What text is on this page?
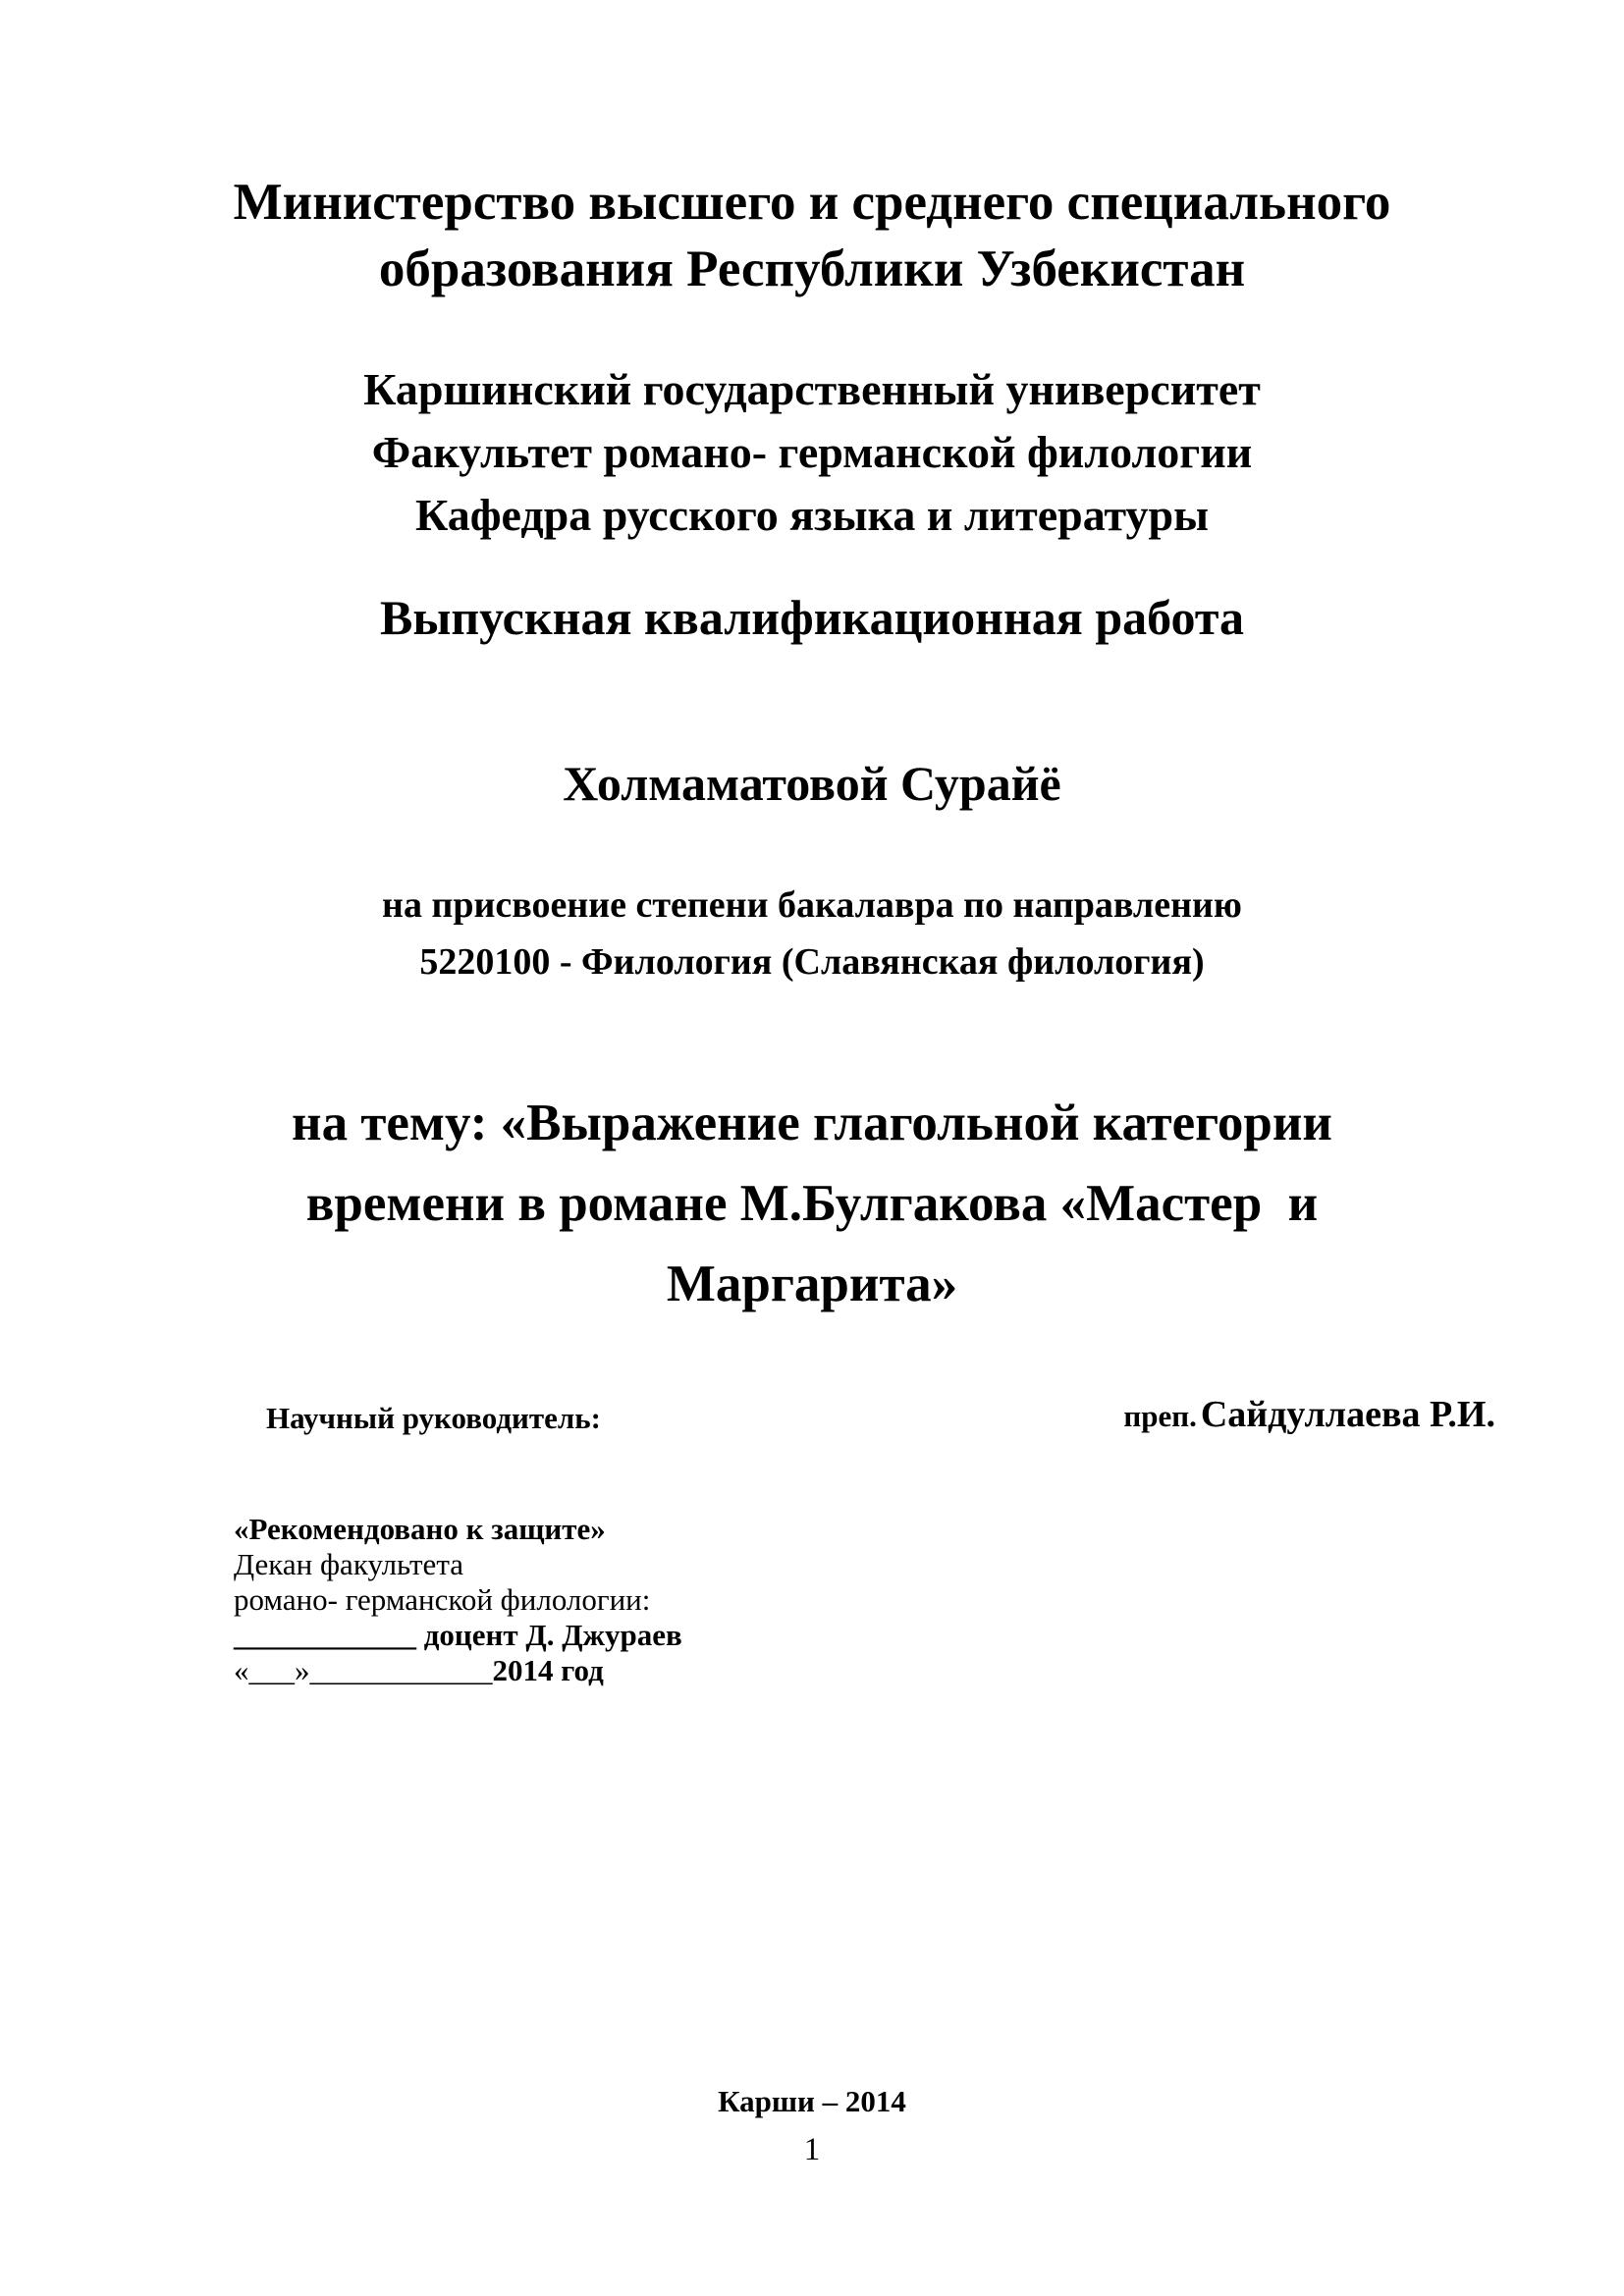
Министерство высшего и среднего специального
образования Республики Узбекистан
Каршинский государственный университет
Факультет романо- германской филологии
Кафедра русского языка и литературы
Выпускная квалификационная работа
Холмаматовой Сурайё
на присвоение степени бакалавра по направлению
5220100 - Филология (Славянская филология)
на тему: «Выражение глагольной категории
времени в романе М.Булгакова «Мастер  и
Маргарита»
Научный руководитель:	преп. Сайдуллаева Р.И.
«Рекомендовано к защите»
Декан факультета
романо- германской филологии:
____________ доцент Д. Джураев
«___»____________2014 год
Карши – 2014
1
